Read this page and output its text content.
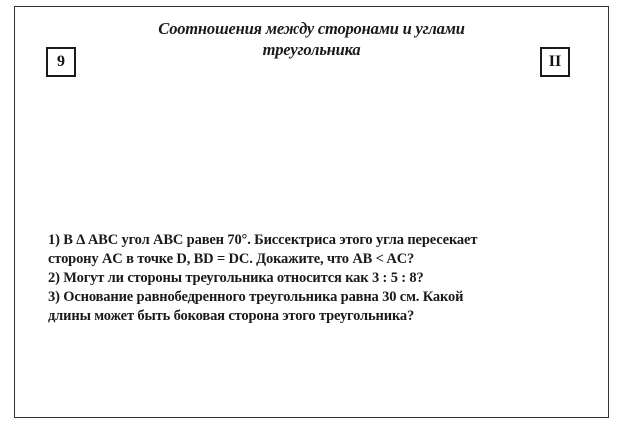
Соотношения между сторонами и углами
треугольника
9	II
1) В Δ ABC угол ABC равен 70°. Биссектриса этого угла пересекает
сторону AC в точке D, BD = DC. Докажите, что AB < AC?
2) Могут ли стороны треугольника относится как 3 : 5 : 8?
3) Основание равнобедренного треугольника равна 30 см. Какой
длины может быть боковая сторона этого треугольника?
